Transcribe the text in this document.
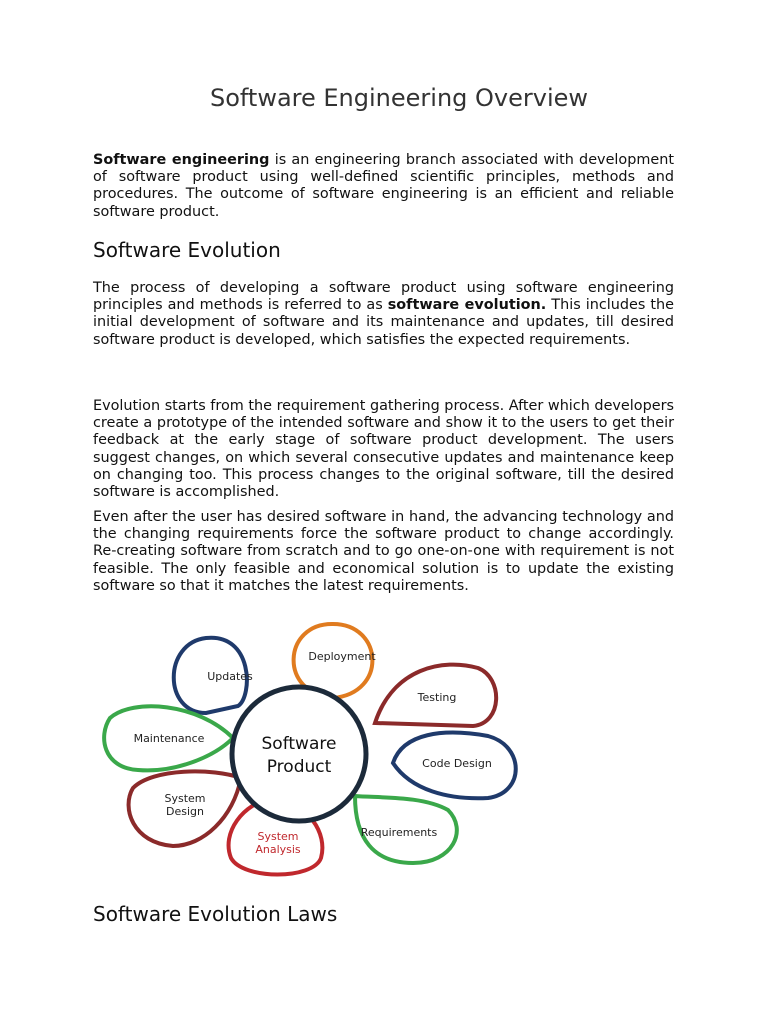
Software Engineering Overview

Software engineering is an engineering branch associated with development of software product using well-defined scientific principles, methods and procedures. The outcome of software engineering is an efficient and reliable software product.

Software Evolution

The process of developing a software product using software engineering principles and methods is referred to as software evolution. This includes the initial development of software and its maintenance and updates, till desired software product is developed, which satisfies the expected requirements.

Evolution starts from the requirement gathering process. After which developers create a prototype of the intended software and show it to the users to get their feedback at the early stage of software product development. The users suggest changes, on which several consecutive updates and maintenance keep on changing too. This process changes to the original software, till the desired software is accomplished.

Even after the user has desired software in hand, the advancing technology and the changing requirements force the software product to change accordingly. Re-creating software from scratch and to go one-on-one with requirement is not feasible. The only feasible and economical solution is to update the existing software so that it matches the latest requirements.

Updates
Deployment
Testing
Code Design
Requirements
System
Analysis
System
Design
Maintenance	Software
Product
Software Evolution Laws
